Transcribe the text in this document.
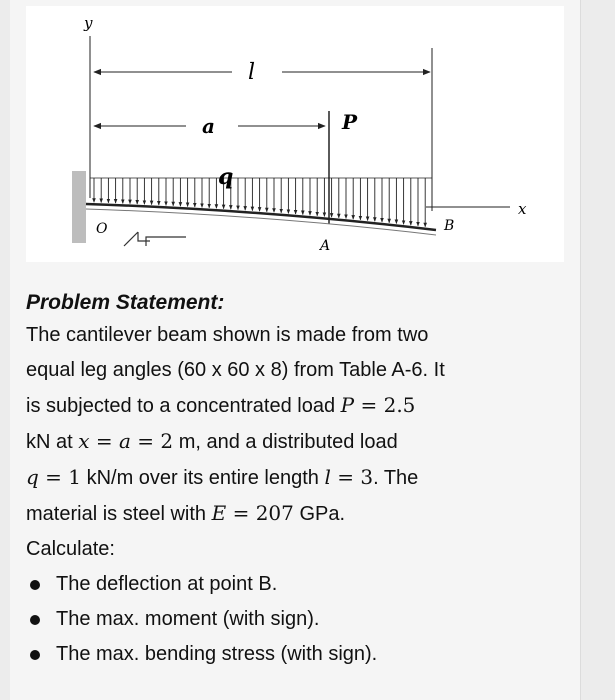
y
x
l
a	P
q
O
A
B
Problem Statement:

The cantilever beam shown is made from two

equal leg angles (60 x 60 x 8) from Table A-6. It

is subjected to a concentrated load P = 2.5

kN at x = a = 2 m, and a distributed load

q = 1 kN/m over its entire length l = 3. The

material is steel with E = 207 GPa.

Calculate:

The deflection at point B.
The max. moment (with sign).
The max. bending stress (with sign).
